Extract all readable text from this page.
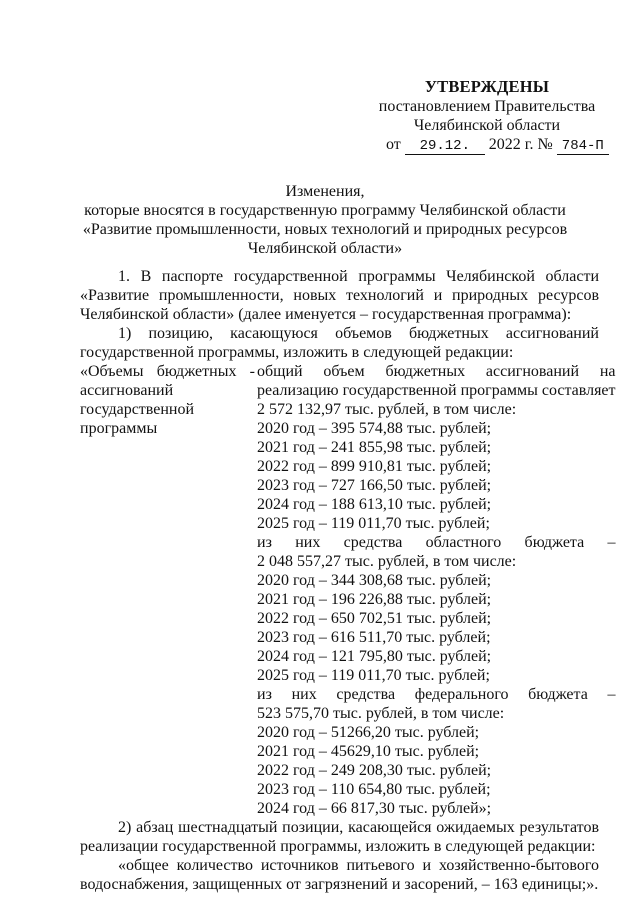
УТВЕРЖДЕНЫ
постановлением Правительства
Челябинской области
от 29.12. 2022 г. № 784-П
Изменения,
которые вносятся в государственную программу Челябинской области
«Развитие промышленности, новых технологий и природных ресурсов
Челябинской области»

1. В паспорте государственной программы Челябинской области «Развитие промышленности, новых технологий и природных ресурсов Челябинской области» (далее именуется – государственная программа):

1) позицию, касающуюся объемов бюджетных ассигнований государственной программы, изложить в следующей редакции:

«Объемы бюджетных -
ассигнований
государственной
программы
общий объем бюджетных ассигнований на
реализацию государственной программы составляет
2 572 132,97 тыс. рублей, в том числе:
2020 год – 395 574,88 тыс. рублей;
2021 год – 241 855,98 тыс. рублей;
2022 год – 899 910,81 тыс. рублей;
2023 год – 727 166,50 тыс. рублей;
2024 год – 188 613,10 тыс. рублей;
2025 год – 119 011,70 тыс. рублей;
из них средства областного бюджета –
2 048 557,27 тыс. рублей, в том числе:
2020 год – 344 308,68 тыс. рублей;
2021 год – 196 226,88 тыс. рублей;
2022 год – 650 702,51 тыс. рублей;
2023 год – 616 511,70 тыс. рублей;
2024 год – 121 795,80 тыс. рублей;
2025 год – 119 011,70 тыс. рублей;
из них средства федерального бюджета –
523 575,70 тыс. рублей, в том числе:
2020 год – 51266,20 тыс. рублей;
2021 год – 45629,10 тыс. рублей;
2022 год – 249 208,30 тыс. рублей;
2023 год – 110 654,80 тыс. рублей;
2024 год – 66 817,30 тыс. рублей»;

2) абзац шестнадцатый позиции, касающейся ожидаемых результатов реализации государственной программы, изложить в следующей редакции:

«общее количество источников питьевого и хозяйственно-бытового водоснабжения, защищенных от загрязнений и засорений, – 163 единицы;».
